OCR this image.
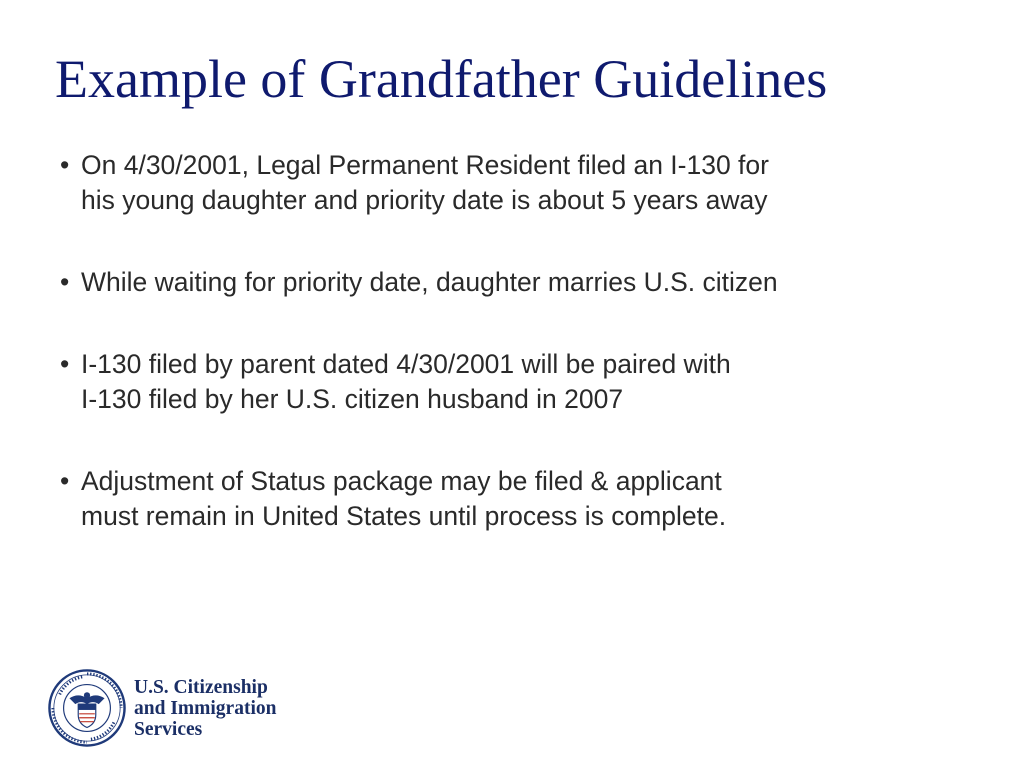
Example of Grandfather Guidelines
• On 4/30/2001, Legal Permanent Resident filed an I-130 for
his young daughter and priority date is about 5 years away
• While waiting for priority date, daughter marries U.S. citizen
• I-130 filed by parent dated 4/30/2001 will be paired with
I-130 filed by her U.S. citizen husband in 2007
• Adjustment of Status package may be filed & applicant
must remain in United States until process is complete.
U.S. Citizenship
and Immigration
Services
